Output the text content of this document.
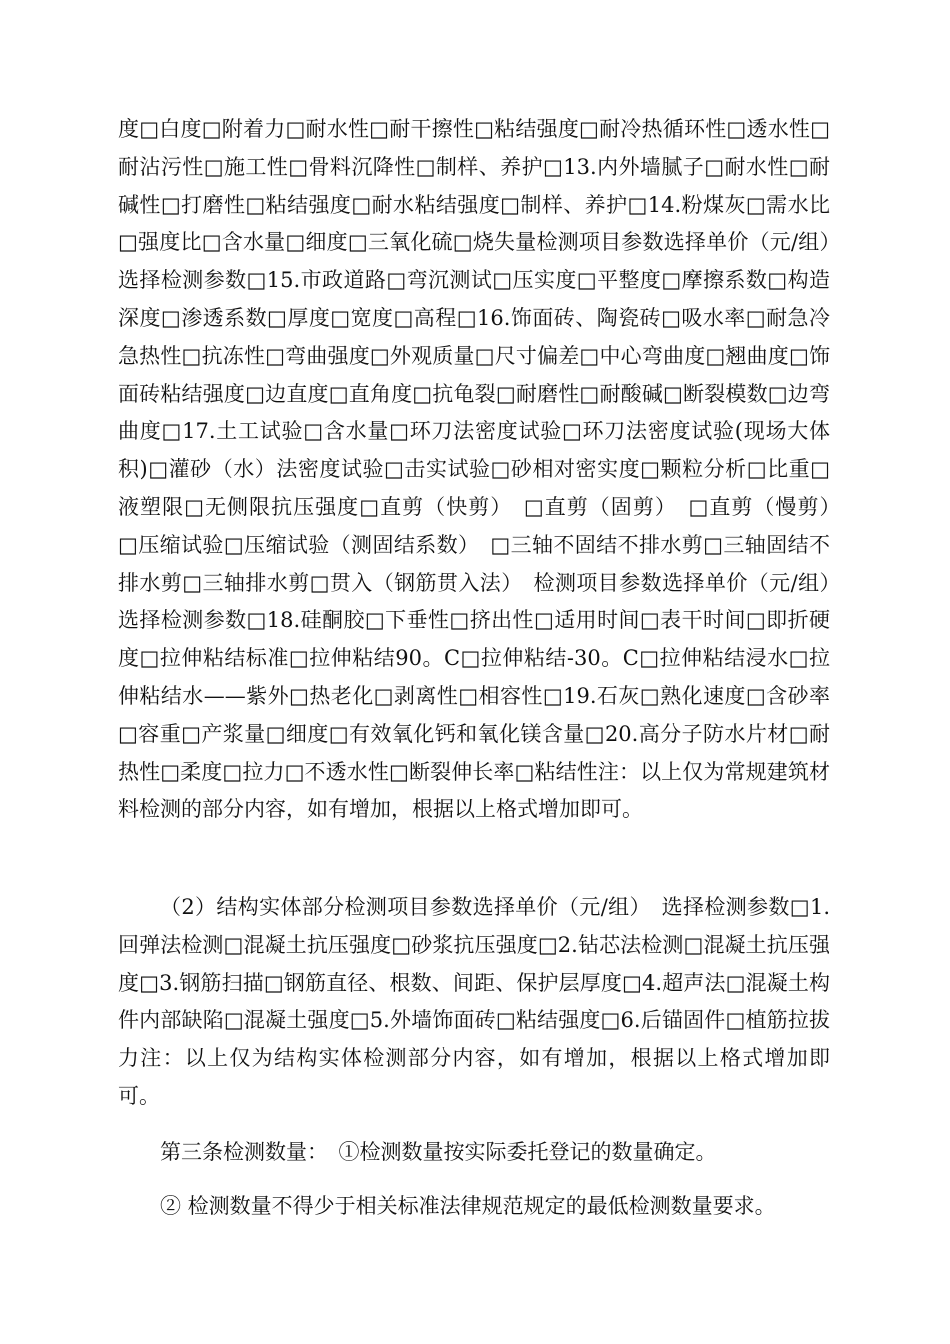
度□白度□附着力□耐水性□耐干擦性□粘结强度□耐冷热循环性□透水性□耐沾污性□施工性□骨料沉降性□制样、养护□13.内外墙腻子□耐水性□耐碱性□打磨性□粘结强度□耐水粘结强度□制样、养护□14.粉煤灰□需水比□强度比□含水量□细度□三氧化硫□烧失量检测项目参数选择单价（元/组）　选择检测参数□15.市政道路□弯沉测试□压实度□平整度□摩擦系数□构造深度□渗透系数□厚度□宽度□高程□16.饰面砖、陶瓷砖□吸水率□耐急冷急热性□抗冻性□弯曲强度□外观质量□尺寸偏差□中心弯曲度□翘曲度□饰面砖粘结强度□边直度□直角度□抗龟裂□耐磨性□耐酸碱□断裂模数□边弯曲度□17.土工试验□含水量□环刀法密度试验□环刀法密度试验(现场大体积)□灌砂（水）法密度试验□击实试验□砂相对密实度□颗粒分析□比重□液塑限□无侧限抗压强度□直剪（快剪）　□直剪（固剪）　□直剪（慢剪）　□压缩试验□压缩试验（测固结系数）　□三轴不固结不排水剪□三轴固结不排水剪□三轴排水剪□贯入（钢筋贯入法）　检测项目参数选择单价（元/组）　选择检测参数□18.硅酮胶□下垂性□挤出性□适用时间□表干时间□即折硬度□拉伸粘结标准□拉伸粘结90。C□拉伸粘结-30。C□拉伸粘结浸水□拉伸粘结水——紫外□热老化□剥离性□相容性□19.石灰□熟化速度□含砂率□容重□产浆量□细度□有效氧化钙和氧化镁含量□20.高分子防水片材□耐热性□柔度□拉力□不透水性□断裂伸长率□粘结性注：以上仅为常规建筑材料检测的部分内容，如有增加，根据以上格式增加即可。

（2）结构实体部分检测项目参数选择单价（元/组）　选择检测参数□1.回弹法检测□混凝土抗压强度□砂浆抗压强度□2.钻芯法检测□混凝土抗压强度□3.钢筋扫描□钢筋直径、根数、间距、保护层厚度□4.超声法□混凝土构件内部缺陷□混凝土强度□5.外墙饰面砖□粘结强度□6.后锚固件□植筋拉拔力注：以上仅为结构实体检测部分内容，如有增加，根据以上格式增加即可。

第三条检测数量：　①检测数量按实际委托登记的数量确定。

② 检测数量不得少于相关标准法律规范规定的最低检测数量要求。
